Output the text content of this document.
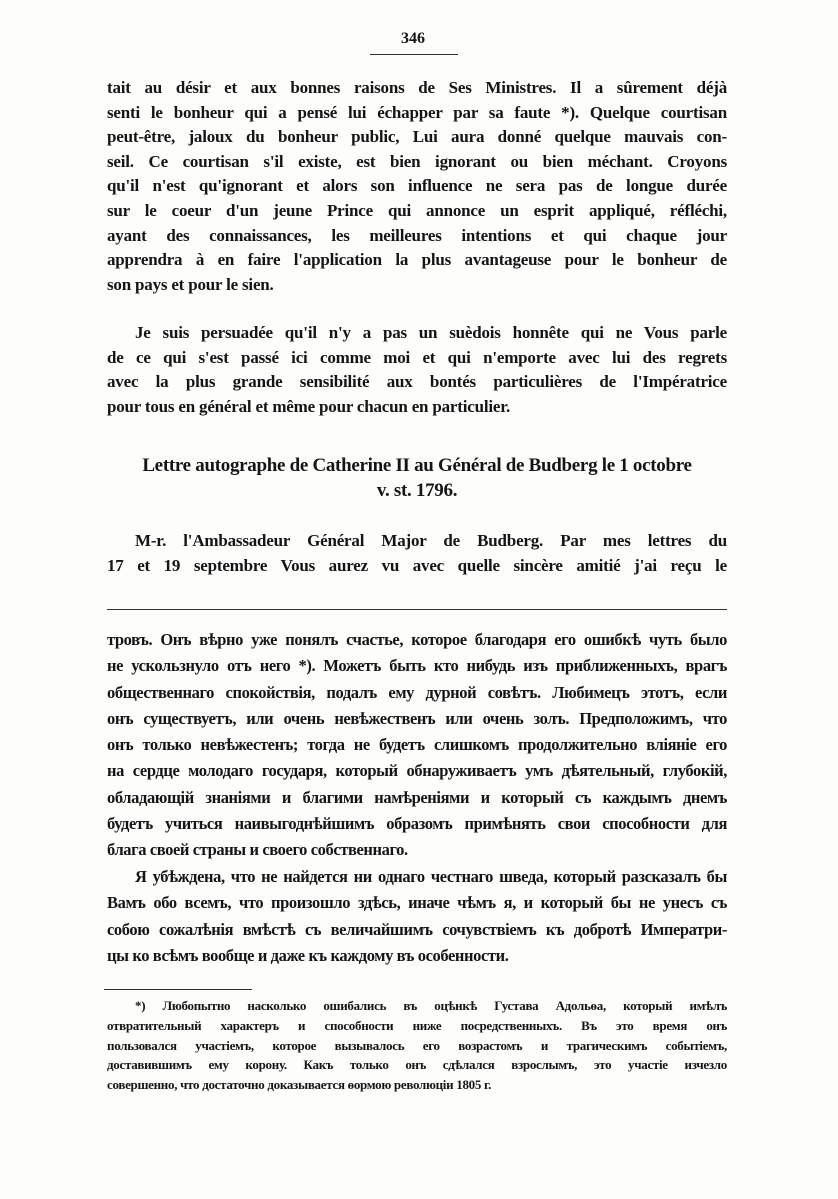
346
tait au désir et aux bonnes raisons de Ses Ministres. Il a sûrement déjà
senti le bonheur qui a pensé lui échapper par sa faute *). Quelque courtisan
peut-être, jaloux du bonheur public, Lui aura donné quelque mauvais con-
seil. Ce courtisan s'il existe, est bien ignorant ou bien méchant. Croyons
qu'il n'est qu'ignorant et alors son influence ne sera pas de longue durée
sur le coeur d'un jeune Prince qui annonce un esprit appliqué, réfléchi,
ayant des connaissances, les meilleures intentions et qui chaque jour
apprendra à en faire l'application la plus avantageuse pour le bonheur de
son pays et pour le sien.
Je suis persuadée qu'il n'y a pas un suèdois honnête qui ne Vous parle
de ce qui s'est passé ici comme moi et qui n'emporte avec lui des regrets
avec la plus grande sensibilité aux bontés particulières de l'Impératrice
pour tous en général et même pour chacun en particulier.
Lettre autographe de Catherine II au Général de Budberg le 1 octobre
v. st. 1796.
M-r. l'Ambassadeur Général Major de Budberg. Par mes lettres du
17 et 19 septembre Vous aurez vu avec quelle sincère amitié j'ai reçu le
тровъ. Онъ вѣрно уже понялъ счастье, которое благодаря его ошибкѣ чуть было
не ускользнуло отъ него *). Можетъ быть кто нибудь изъ приближенныхъ, врагъ
общественнаго спокойствія, подалъ ему дурной совѣтъ. Любимецъ этотъ, если
онъ существуетъ, или очень невѣжественъ или очень золъ. Предположимъ, что
онъ только невѣжестенъ; тогда не будетъ слишкомъ продолжительно вліяніе его
на сердце молодаго государя, который обнаруживаетъ умъ дѣятельный, глубокій,
обладающій знаніями и благими намѣреніями и который съ каждымъ днемъ
будетъ учиться наивыгоднѣйшимъ образомъ примѣнять свои способности для
блага своей страны и своего собственнаго.
Я убѣждена, что не найдется ни однаго честнаго шведа, который разсказалъ бы
Вамъ обо всемъ, что произошло здѣсь, иначе чѣмъ я, и который бы не унесъ съ
собою сожалѣнія вмѣстѣ съ величайшимъ сочувствіемъ къ добротѣ Императри-
цы ко всѣмъ вообще и даже къ каждому въ особенности.
*) Любопытно насколько ошибались въ оцѣнкѣ Густава Адольѳа, который имѣлъ
отвратительный характеръ и способности ниже посредственныхъ. Въ это время онъ
пользовался участіемъ, которое вызывалось его возрастомъ и трагическимъ событіемъ,
доставившимъ ему корону. Какъ только онъ сдѣлался взрослымъ, это участіе изчезло
совершенно, что достаточно доказывается ѳормою революціи 1805 г.
